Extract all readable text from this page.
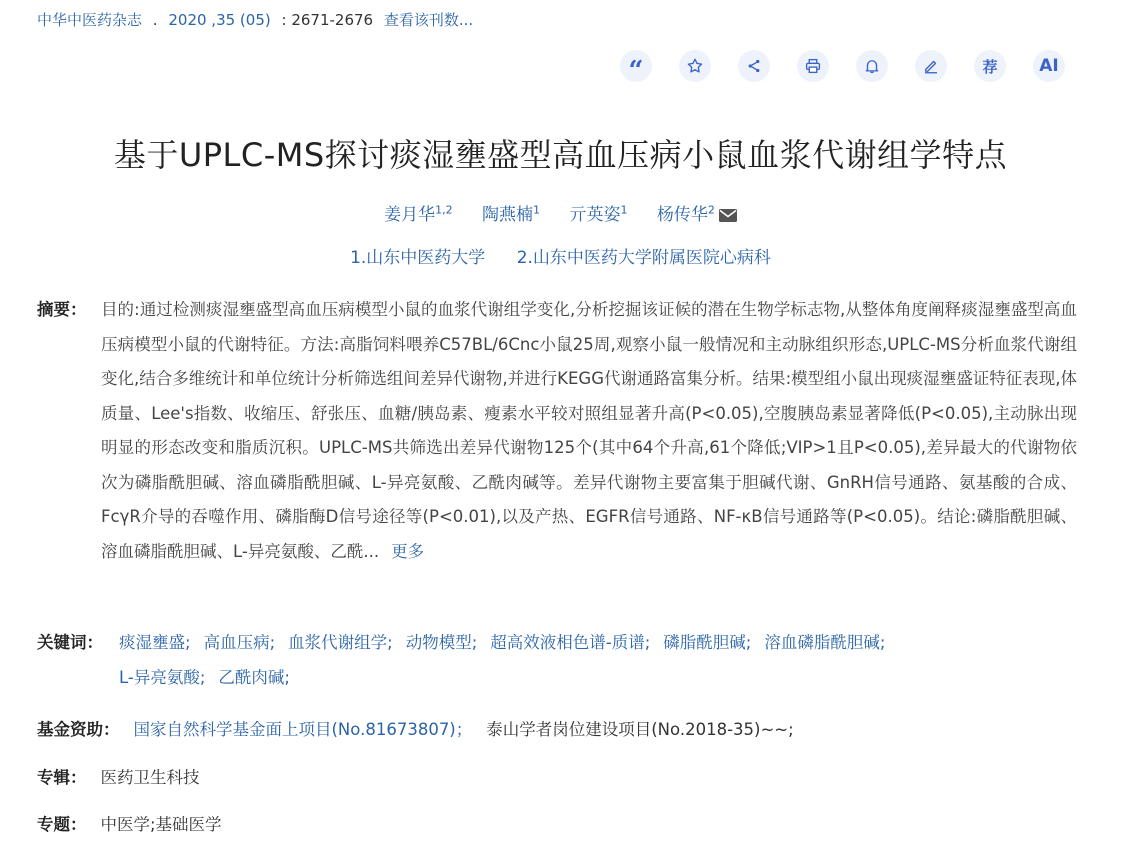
中华中医药杂志 . 2020 ,35 (05) : 2671-2676 查看该刊数...
“	荐 AI
基于UPLC-MS探讨痰湿壅盛型高血压病小鼠血浆代谢组学特点
姜月华$^{1,2}$ 陶燕楠$^1$ 亓英姿$^1$ 杨传华$^2$
1.山东中医药大学 2.山东中医药大学附属医院心病科
摘要： 目的:通过检测痰湿壅盛型高血压病模型小鼠的血浆代谢组学变化,分析挖掘该证候的潜在生物学标志物,从整体角度阐释痰湿壅盛型高血压病模型小鼠的代谢特征。方法:高脂饲料喂养C57BL/6Cnc小鼠25周,观察小鼠一般情况和主动脉组织形态,UPLC-MS分析血浆代谢组变化,结合多维统计和单位统计分析筛选组间差异代谢物,并进行KEGG代谢通路富集分析。结果:模型组小鼠出现痰湿壅盛证特征表现,体质量、Lee's指数、收缩压、舒张压、血糖/胰岛素、瘦素水平较对照组显著升高(P<0.05),空腹胰岛素显著降低(P<0.05),主动脉出现明显的形态改变和脂质沉积。UPLC-MS共筛选出差异代谢物125个(其中64个升高,61个降低;VIP>1且P<0.05),差异最大的代谢物依次为磷脂酰胆碱、溶血磷脂酰胆碱、L-异亮氨酸、乙酰肉碱等。差异代谢物主要富集于胆碱代谢、GnRH信号通路、氨基酸的合成、FcγR介导的吞噬作用、磷脂酶D信号途径等(P<0.01),以及产热、EGFR信号通路、NF-κB信号通路等(P<0.05)。结论:磷脂酰胆碱、溶血磷脂酰胆碱、L-异亮氨酸、乙酰... 更多
关键词： 痰湿壅盛; 高血压病; 血浆代谢组学; 动物模型; 超高效液相色谱-质谱; 磷脂酰胆碱; 溶血磷脂酰胆碱;
L-异亮氨酸; 乙酰肉碱;
基金资助： 国家自然科学基金面上项目(No.81673807)； 泰山学者岗位建设项目(No.2018-35)~~;
专辑： 医药卫生科技
专题： 中医学;基础医学
